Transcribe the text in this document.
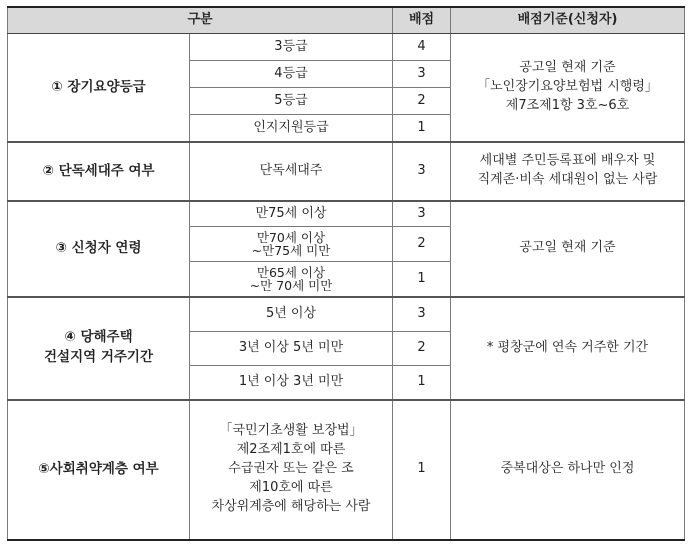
구분		배점	배점기준(신청자)
① 장기요양등급	3등급	4	공고일 현재 기준
「노인장기요양보험법 시행령」
제7조제1항 3호~6호

	4등급	3	
	5등급	2	
	인지지원등급	1	
② 단독세대주 여부	단독세대주	3	세대별 주민등록표에 배우자 및
직계존·비속 세대원이 없는 사람

③ 신청자 연령	만75세 이상	3	공고일 현재 기준

	만70세 이상
~만75세 미만	2	

	만65세 이상
~만 70세 미만	1	

④ 당해주택
건설지역 거주기간	5년 이상	3	* 평창군에 연속 거주한 기간
	3년 이상 5년 미만	2	
	1년 이상 3년 미만	1	
⑤사회취약계층 여부	「국민기초생활 보장법」
제2조제1호에 따른
수급권자 또는 같은 조
제10호에 따른
차상위계층에 해당하는 사람	1	중복대상은 하나만 인정
